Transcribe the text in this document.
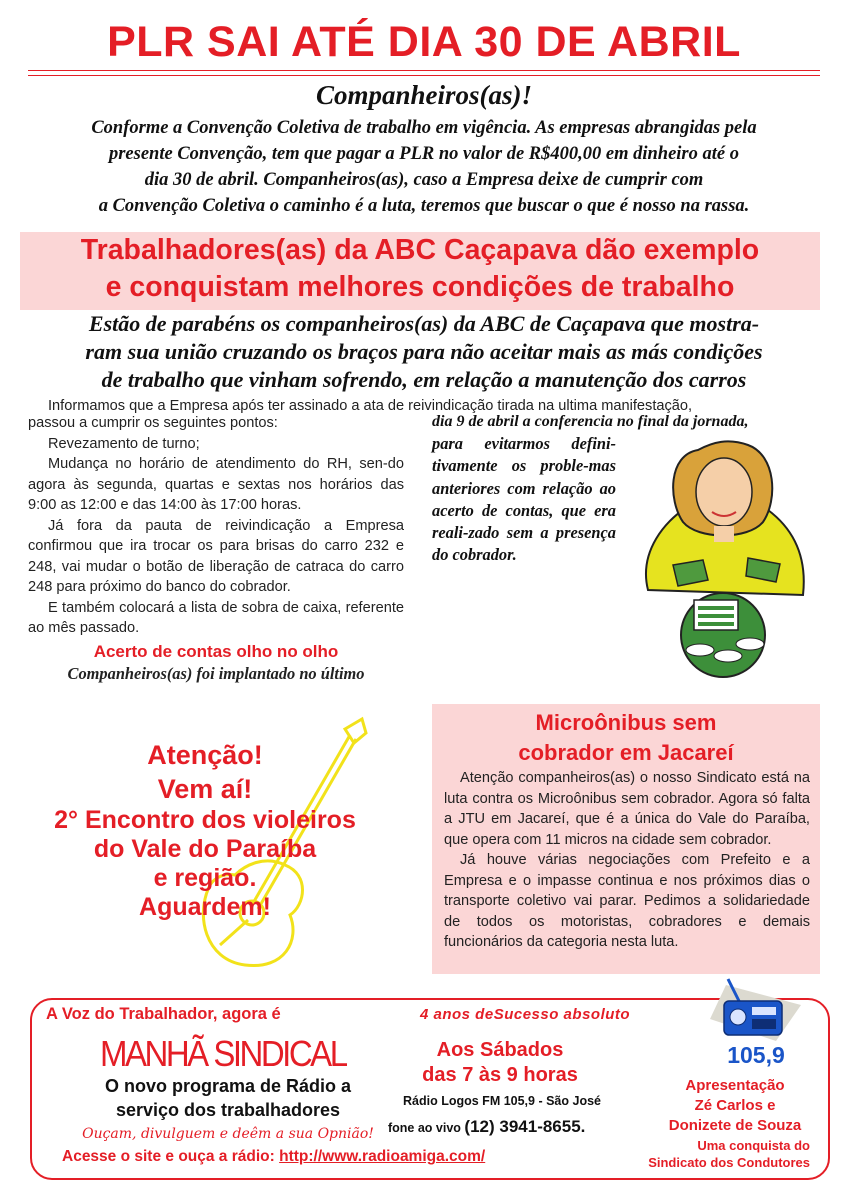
PLR SAI ATÉ DIA 30 DE ABRIL
Companheiros(as)!
Conforme a Convenção Coletiva de trabalho em vigência. As empresas abrangidas pela
presente Convenção, tem que pagar a PLR no valor de R$400,00 em dinheiro até o
dia 30 de abril. Companheiros(as), caso a Empresa deixe de cumprir com
a Convenção Coletiva o caminho é a luta, teremos que buscar o que é nosso na rassa.
Trabalhadores(as) da ABC Caçapava dão exemplo
e conquistam melhores condições de trabalho
Estão de parabéns os companheiros(as) da ABC de Caçapava que mostra-
ram sua união cruzando os braços para não aceitar mais as más condições
de trabalho que vinham sofrendo, em relação a manutenção dos carros
Informamos que a Empresa após ter assinado a ata de reivindicação tirada na ultima manifestação,

passou a cumprir os seguintes pontos:

Revezamento de turno;

Mudança no horário de atendimento do RH, sen-do agora às segunda, quartas e sextas nos horários das 9:00 as 12:00 e das 14:00 às 17:00 horas.

Já fora da pauta de reivindicação a Empresa confirmou que ira trocar os para brisas do carro 232 e 248, vai mudar o botão de liberação de catraca do carro 248 para próximo do banco do cobrador.

E também colocará a lista de sobra de caixa, referente ao mês passado.

Acerto de contas olho no olho

Companheiros(as) foi implantado no último

dia 9 de abril a conferencia no final da jornada,
para evitarmos defini-tivamente os proble-mas anteriores com relação ao acerto de contas, que era reali-zado sem a presença do cobrador.
Atenção!
Vem aí!
2° Encontro dos violeiros
do Vale do Paraíba
e região.
Aguardem!
Microônibus sem
cobrador em Jacareí

Atenção companheiros(as) o nosso Sindicato está na luta contra os Microônibus sem cobrador. Agora só falta a JTU em Jacareí, que é a única do Vale do Paraíba, que opera com 11 micros na cidade sem cobrador.

Já houve várias negociações com Prefeito e a Empresa e o impasse continua e nos próximos dias o transporte coletivo vai parar. Pedimos a solidariedade de todos os motoristas, cobradores e demais funcionários da categoria nesta luta.

A Voz do Trabalhador, agora é	4 anos deSucesso absoluto
MANHÃ SINDICAL
O novo programa de Rádio a
serviço dos trabalhadores
Ouçam, divulguem e deêm a sua Opnião!
Acesse o site e ouça a rádio: http://www.radioamiga.com/
Aos Sábados
das 7 às 9 horas
Rádio Logos FM 105,9 - São José
fone ao vivo (12) 3941-8655.
105,9
Apresentação
Zé Carlos e
Donizete de Souza
Uma conquista do
Sindicato dos Condutores
